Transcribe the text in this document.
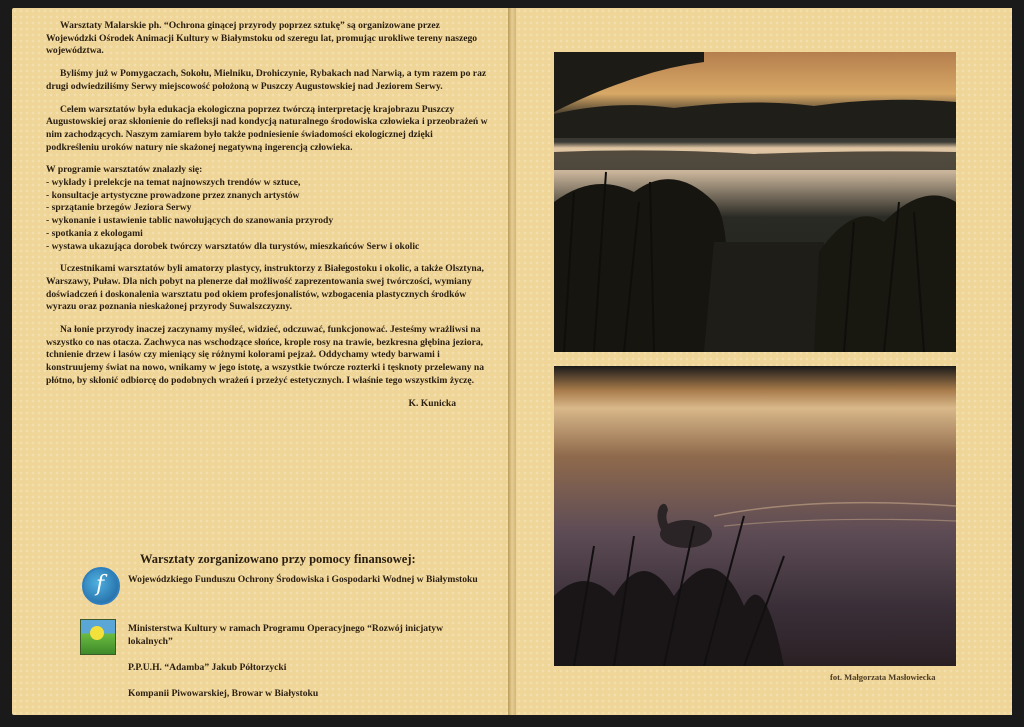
Warsztaty Malarskie ph. “Ochrona ginącej przyrody poprzez sztukę” są organizowane przez Wojewódzki Ośrodek Animacji Kultury w Białymstoku od szeregu lat, promując urokliwe tereny naszego województwa.

Byliśmy już w Pomygaczach, Sokołu, Mielniku, Drohiczynie, Rybakach nad Narwią, a tym razem po raz drugi odwiedziliśmy Serwy miejscowość położoną w Puszczy Augustowskiej nad Jeziorem Serwy.

Celem warsztatów była edukacja ekologiczna poprzez twórczą interpretację krajobrazu Puszczy Augustowskiej oraz skłonienie do refleksji nad kondycją naturalnego środowiska człowieka i przeobrażeń w nim zachodzących. Naszym zamiarem było także podniesienie świadomości ekologicznej dzięki podkreśleniu uroków natury nie skażonej negatywną ingerencją człowieka.

W programie warsztatów znalazły się:

- wykłady i prelekcje na temat najnowszych trendów w sztuce,
- konsultacje artystyczne prowadzone przez znanych artystów
- sprzątanie brzegów Jeziora Serwy
- wykonanie i ustawienie tablic nawołujących do szanowania przyrody
- spotkania z ekologami
- wystawa ukazująca dorobek twórczy warsztatów dla turystów, mieszkańców Serw i okolic

Uczestnikami warsztatów byli amatorzy plastycy, instruktorzy z Białegostoku i okolic, a także Olsztyna, Warszawy, Puław. Dla nich pobyt na plenerze dał możliwość zaprezentowania swej twórczości, wymiany doświadczeń i doskonalenia warsztatu pod okiem profesjonalistów, wzbogacenia plastycznych środków wyrazu oraz poznania nieskażonej przyrody Suwalszczyzny.

Na łonie przyrody inaczej zaczynamy myśleć, widzieć, odczuwać, funkcjonować. Jesteśmy wrażliwsi na wszystko co nas otacza. Zachwyca nas wschodzące słońce, krople rosy na trawie, bezkresna głębina jeziora, tchnienie drzew i lasów czy mieniący się różnymi kolorami pejzaż. Oddychamy wtedy barwami i konstruujemy świat na nowo, wnikamy w jego istotę, a wszystkie twórcze rozterki i tęsknoty przelewany na płótno, by skłonić odbiorcę do podobnych wrażeń i przeżyć estetycznych. I właśnie tego wszystkim życzę.

K. Kunicka
Warsztaty zorganizowano przy pomocy finansowej:
f Wojewódzkiego Funduszu Ochrony Środowiska i Gospodarki Wodnej w Białymstoku
Ministerstwa Kultury w ramach Programu Operacyjnego “Rozwój inicjatyw lokalnych”
P.P.U.H. “Adamba” Jakub Półtorzycki
Kompanii Piwowarskiej, Browar w Białystoku
fot. Małgorzata Masłowiecka
